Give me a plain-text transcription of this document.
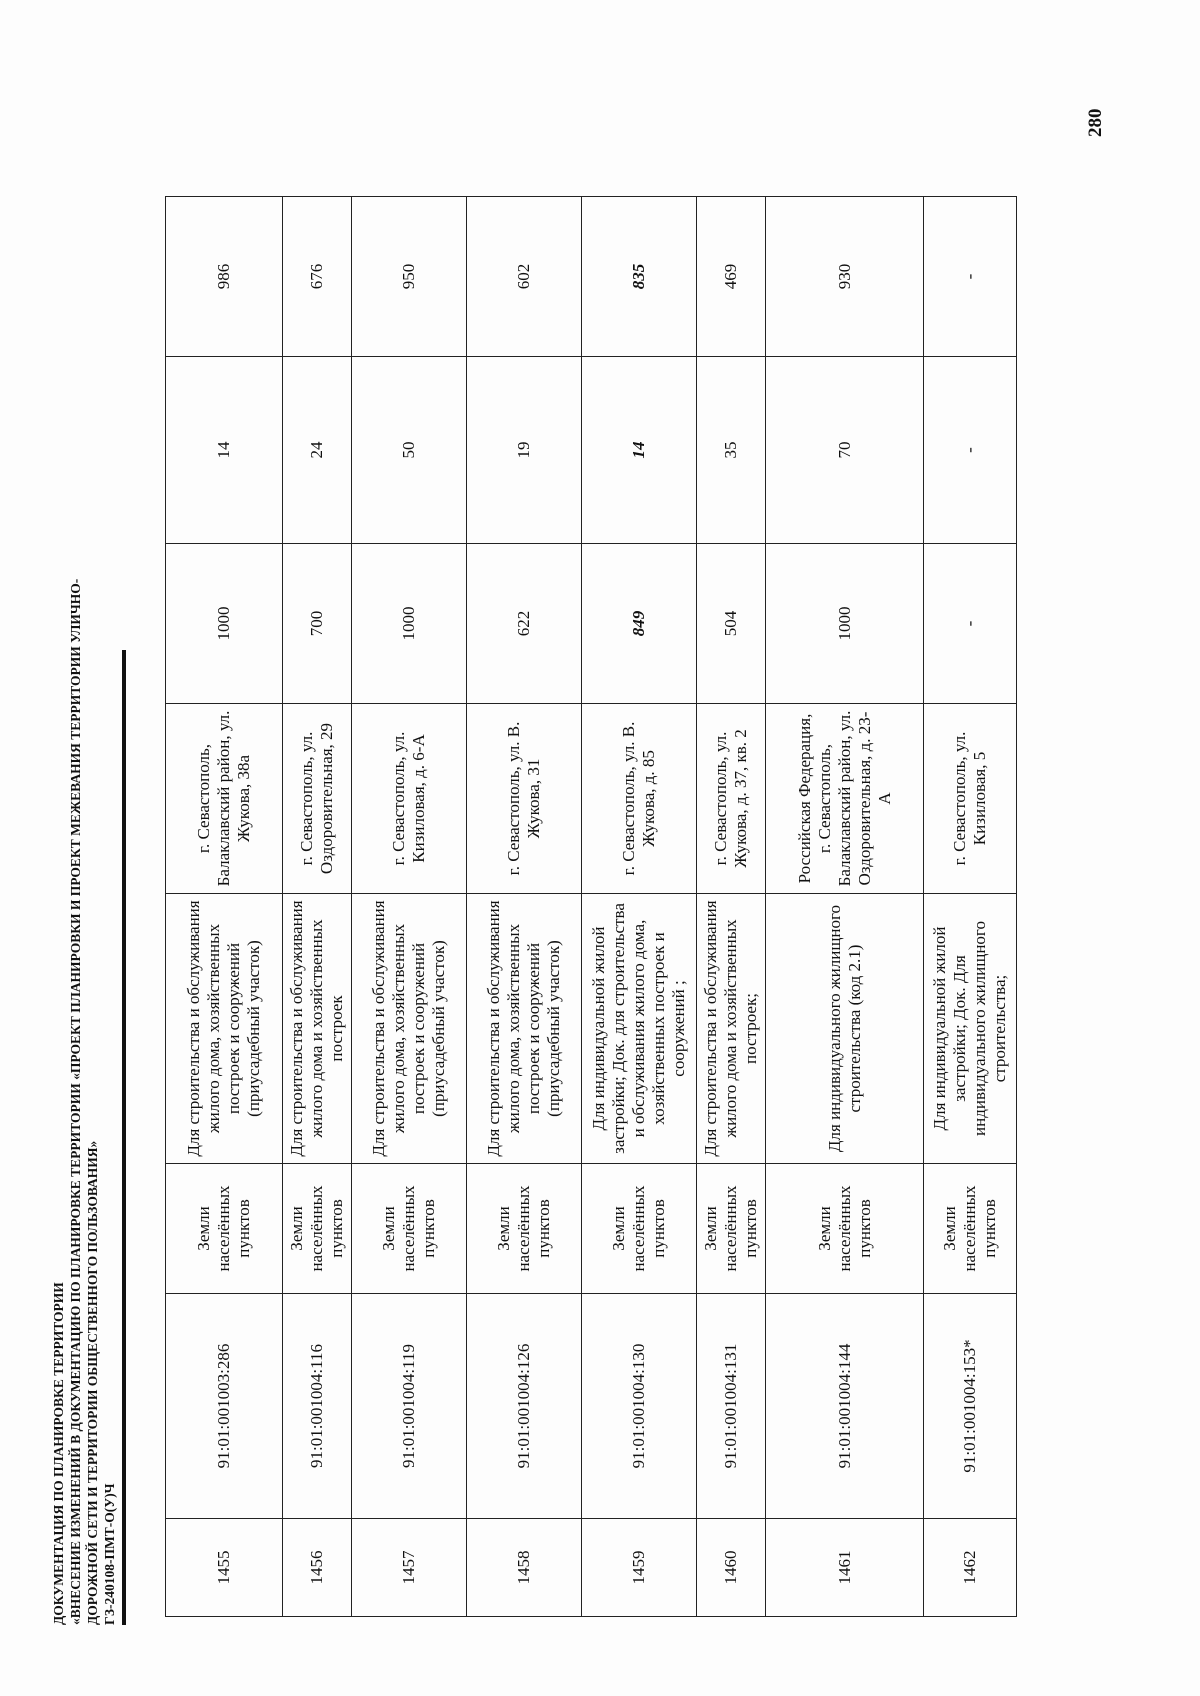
ДОКУМЕНТАЦИЯ ПО ПЛАНИРОВКЕ ТЕРРИТОРИИ «ВНЕСЕНИЕ ИЗМЕНЕНИЙ В ДОКУМЕНТАЦИЮ ПО ПЛАНИРОВКЕ ТЕРРИТОРИИ «ПРОЕКТ ПЛАНИРОВКИ И ПРОЕКТ МЕЖЕВАНИЯ ТЕРРИТОРИИ УЛИЧНО- ДОРОЖНОЙ СЕТИ И ТЕРРИТОРИИ ОБЩЕСТВЕННОГО ПОЛЬЗОВАНИЯ» ГЗ-240108-ПМТ-О(У)Ч
280
1455	91:01:001003:286	Земли населённых пунктов	Для строительства и обслуживания жилого дома, хозяйственных построек и сооружений (приусадебный участок)	г. Севастополь, Балаклавский район, ул. Жукова, 38а	1000	14	986
1456	91:01:001004:116	Земли населённых пунктов	Для строительства и обслуживания жилого дома и хозяйственных построек	г. Севастополь, ул. Оздоровительная, 29	700	24	676
1457	91:01:001004:119	Земли населённых пунктов	Для строительства и обслуживания жилого дома, хозяйственных построек и сооружений (приусадебный участок)	г. Севастополь, ул. Кизиловая, д. 6-А	1000	50	950
1458	91:01:001004:126	Земли населённых пунктов	Для строительства и обслуживания жилого дома, хозяйственных построек и сооружений (приусадебный участок)	г. Севастополь, ул. В. Жукова, 31	622	19	602
1459	91:01:001004:130	Земли населённых пунктов	Для индивидуальной жилой застройки; Док. для строительства и обслуживания жилого дома, хозяйственных построек и сооружений ;	г. Севастополь, ул. В. Жукова, д. 85	849	14	835
1460	91:01:001004:131	Земли населённых пунктов	Для строительства и обслуживания жилого дома и хозяйственных построек;	г. Севастополь, ул. Жукова, д. 37, кв. 2	504	35	469
1461	91:01:001004:144	Земли населённых пунктов	Для индивидуального жилищного строительства (код 2.1)	Российская Федерация, г. Севастополь, Балаклавский район, ул. Оздоровительная, д. 23-А	1000	70	930
1462	91:01:001004:153*	Земли населённых пунктов	Для индивидуальной жилой застройки; Док. Для индивидуального жилищного строительства;	г. Севастополь, ул. Кизиловая, 5	-	-	-
